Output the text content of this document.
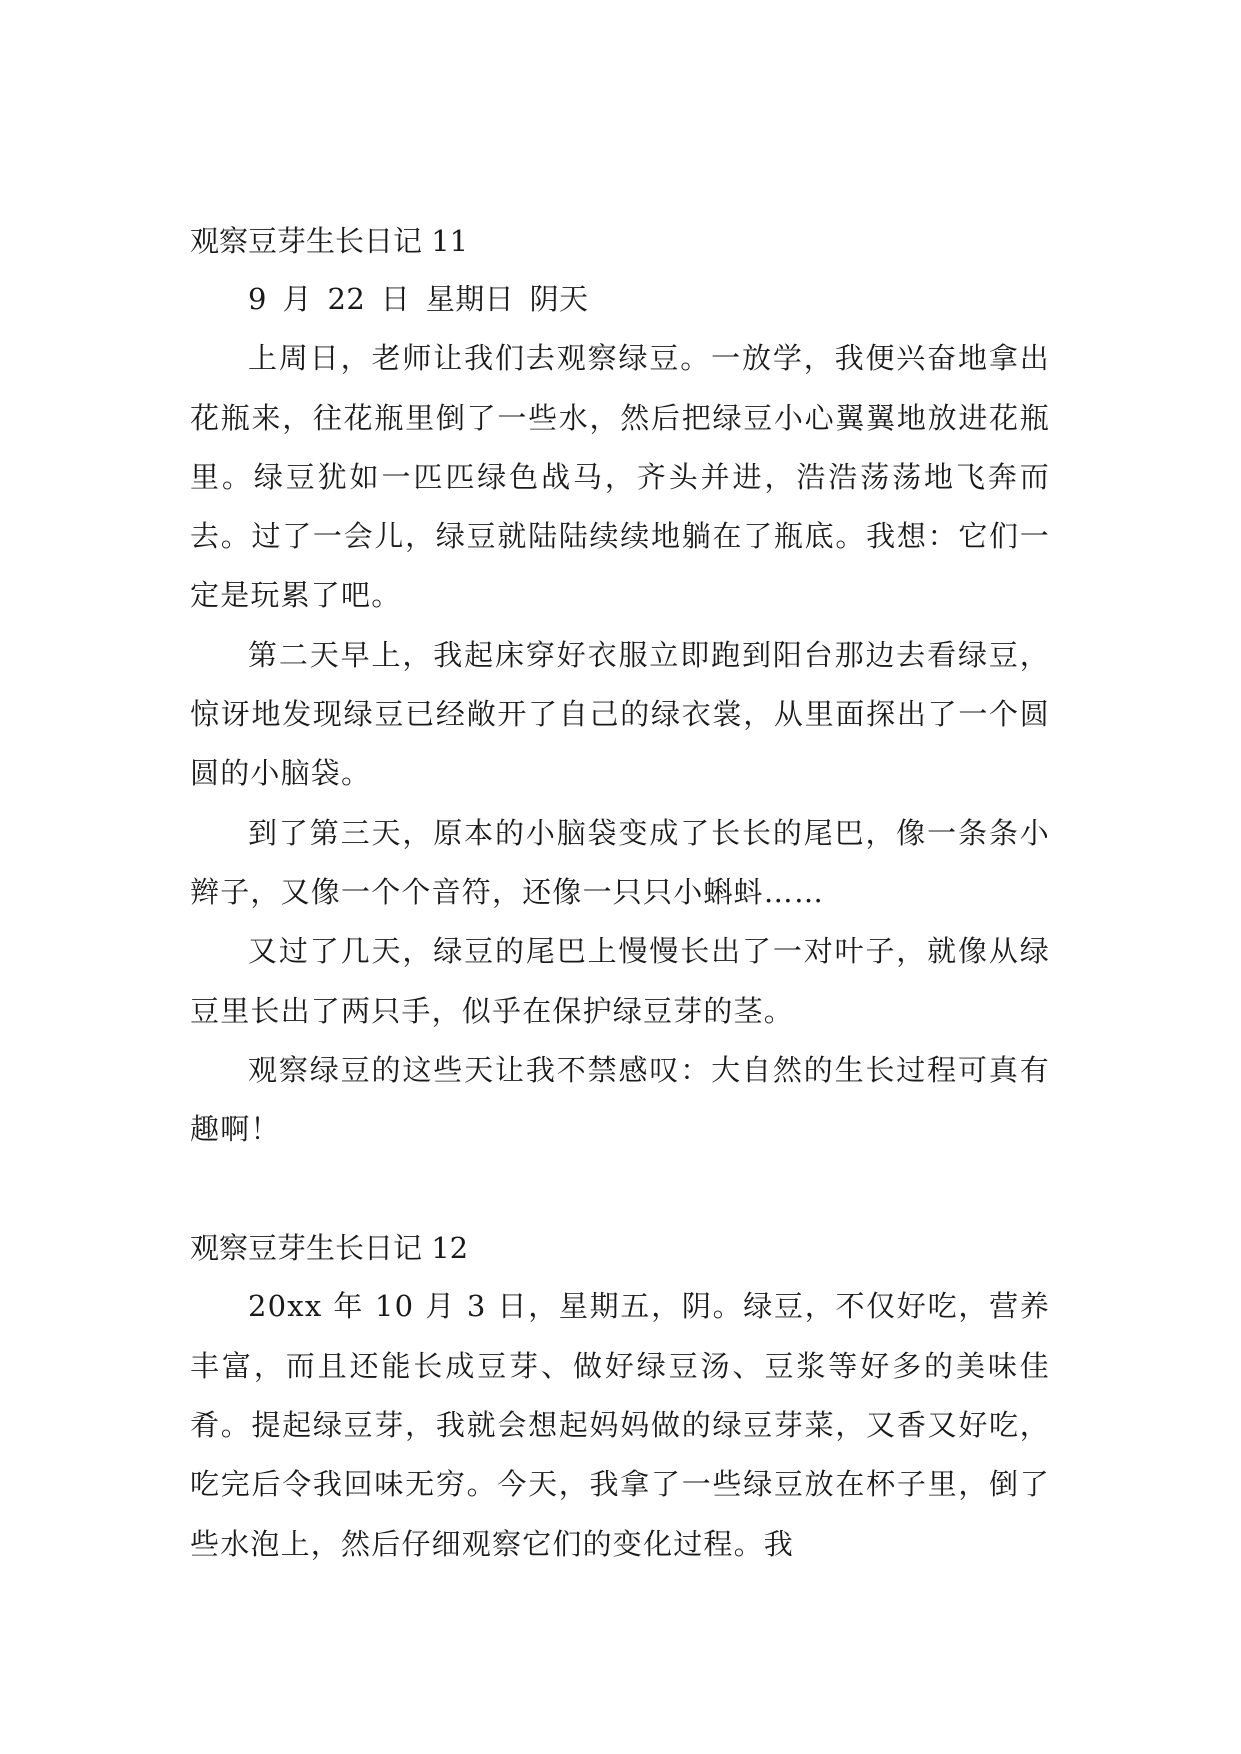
观察豆芽生长日记 11

9 月 22 日 星期日 阴天

上周日，老师让我们去观察绿豆。一放学，我便兴奋地拿出花瓶来，往花瓶里倒了一些水，然后把绿豆小心翼翼地放进花瓶里。绿豆犹如一匹匹绿色战马，齐头并进，浩浩荡荡地飞奔而去。过了一会儿，绿豆就陆陆续续地躺在了瓶底。我想：它们一定是玩累了吧。

第二天早上，我起床穿好衣服立即跑到阳台那边去看绿豆，惊讶地发现绿豆已经敞开了自己的绿衣裳，从里面探出了一个圆圆的小脑袋。

到了第三天，原本的小脑袋变成了长长的尾巴，像一条条小辫子，又像一个个音符，还像一只只小蝌蚪……

又过了几天，绿豆的尾巴上慢慢长出了一对叶子，就像从绿豆里长出了两只手，似乎在保护绿豆芽的茎。

观察绿豆的这些天让我不禁感叹：大自然的生长过程可真有趣啊！

观察豆芽生长日记 12

20xx 年 10 月 3 日，星期五，阴。绿豆，不仅好吃，营养丰富，而且还能长成豆芽、做好绿豆汤、豆浆等好多的美味佳肴。提起绿豆芽，我就会想起妈妈做的绿豆芽菜，又香又好吃，吃完后令我回味无穷。今天，我拿了一些绿豆放在杯子里，倒了些水泡上，然后仔细观察它们的变化过程。我
